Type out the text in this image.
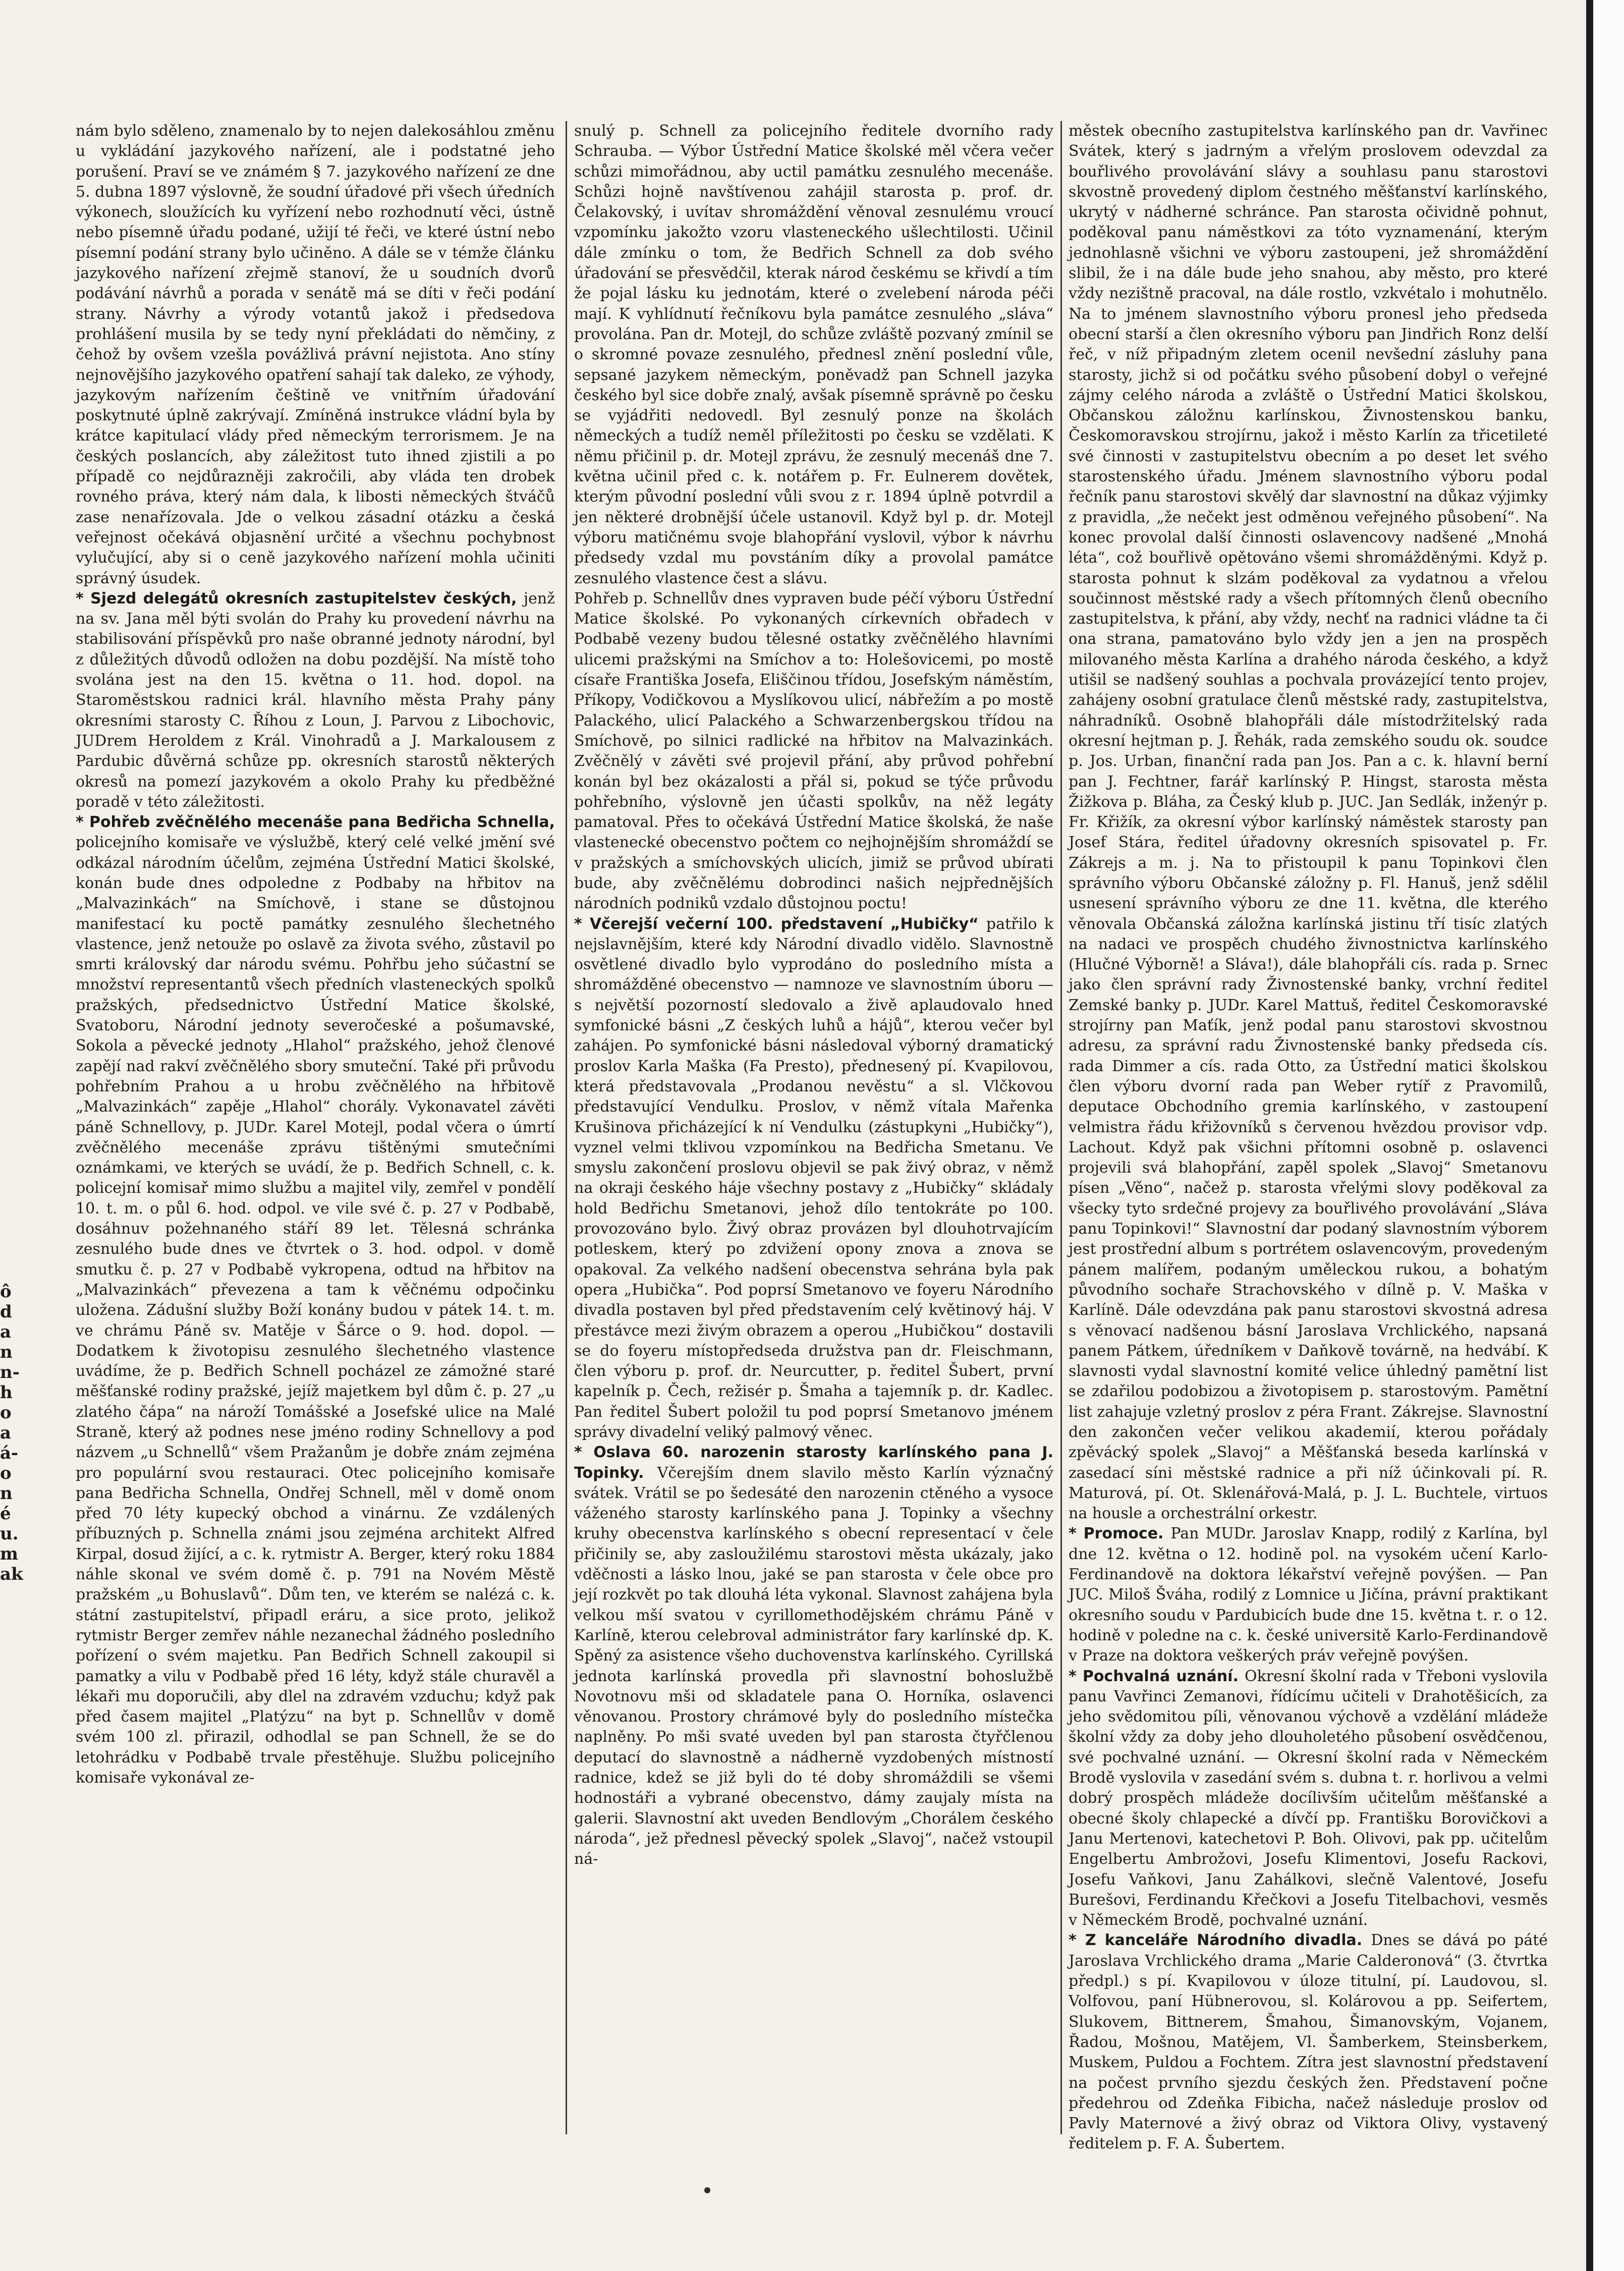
ô
d
a
n
n-
h
o
a
á-
o
n
é
u.
m
ak

nám bylo sděleno, znamenalo by to nejen dalekosáhlou změnu u vykládání jazykového nařízení, ale i podstatné jeho porušení. Praví se ve známém § 7. jazykového nařízení ze dne 5. dubna 1897 výslovně, že soudní úřadové při všech úředních výkonech, sloužících ku vyřízení nebo rozhodnutí věci, ústně nebo písemně úřadu podané, užijí té řeči, ve které ústní nebo písemní podání strany bylo učiněno. A dále se v témže článku jazykového nařízení zřejmě stanoví, že u soudních dvorů podávání návrhů a porada v senátě má se díti v řeči podání strany. Návrhy a výrody votantů jakož i předsedova prohlášení musila by se tedy nyní překládati do němčiny, z čehož by ovšem vzešla povážlivá právní nejistota. Ano stíny nejnovějšího jazykového opatření sahají tak daleko, ze výhody, jazykovým nařízením češtině ve vnitřním úřadování poskytnuté úplně zakrývají. Zmíněná instrukce vládní byla by krátce kapitulací vlády před německým terrorismem. Je na českých poslancích, aby záležitost tuto ihned zjistili a po případě co nejdůrazněji zakročili, aby vláda ten drobek rovného práva, který nám dala, k libosti německých štváčů zase nenařízovala. Jde o velkou zásadní otázku a česká veřejnost očekává objasnění určité a všechnu pochybnost vylučující, aby si o ceně jazykového nařízení mohla učiniti správný úsudek.

* Sjezd delegátů okresních zastupitelstev českých, jenž na sv. Jana měl býti svolán do Prahy ku provedení návrhu na stabilisování příspěvků pro naše obranné jednoty národní, byl z důležitých důvodů odložen na dobu pozdější. Na místě toho svolána jest na den 15. května o 11. hod. dopol. na Staroměstskou radnici král. hlavního města Prahy pány okresními starosty C. Říhou z Loun, J. Parvou z Libochovic, JUDrem Heroldem z Král. Vinohradů a J. Markalousem z Pardubic důvěrná schůze pp. okresních starostů některých okresů na pomezí jazykovém a okolo Prahy ku předběžné poradě v této záležitosti.

* Pohřeb zvěčnělého mecenáše pana Bedřicha Schnella, policejního komisaře ve výslužbě, který celé velké jmění své odkázal národním účelům, zejména Ústřední Matici školské, konán bude dnes odpoledne z Podbaby na hřbitov na „Malvazinkách“ na Smíchově, i stane se důstojnou manifestací ku poctě památky zesnulého šlechetného vlastence, jenž netouže po oslavě za života svého, zůstavil po smrti královský dar národu svému. Pohřbu jeho súčastní se množství representantů všech předních vlasteneckých spolků pražských, předsednictvo Ústřední Matice školské, Svatoboru, Národní jednoty severočeské a pošumavské, Sokola a pěvecké jednoty „Hlahol“ pražského, jehož členové zapějí nad rakví zvěčnělého sbory smuteční. Také při průvodu pohřebním Prahou a u hrobu zvěčnělého na hřbitově „Malvazinkách“ zapěje „Hlahol“ chorály. Vykonavatel závěti páně Schnellovy, p. JUDr. Karel Motejl, podal včera o úmrtí zvěčnělého mecenáše zprávu tištěnými smutečními oznámkami, ve kterých se uvádí, že p. Bedřich Schnell, c. k. policejní komisař mimo službu a majitel vily, zemřel v pondělí 10. t. m. o půl 6. hod. odpol. ve vile své č. p. 27 v Podbabě, dosáhnuv požehnaného stáří 89 let. Tělesná schránka zesnulého bude dnes ve čtvrtek o 3. hod. odpol. v domě smutku č. p. 27 v Podbabě vykropena, odtud na hřbitov na „Malvazinkách“ převezena a tam k věčnému odpočinku uložena. Zádušní služby Boží konány budou v pátek 14. t. m. ve chrámu Páně sv. Matěje v Šárce o 9. hod. dopol. — Dodatkem k životopisu zesnulého šlechetného vlastence uvádíme, že p. Bedřich Schnell pocházel ze zámožné staré měšťanské rodiny pražské, jejíž majetkem byl dům č. p. 27 „u zlatého čápa“ na nároží Tomášské a Josefské ulice na Malé Straně, který až podnes nese jméno rodiny Schnellovy a pod názvem „u Schnellů“ všem Pražanům je dobře znám zejména pro populární svou restauraci. Otec policejního komisaře pana Bedřicha Schnella, Ondřej Schnell, měl v domě onom před 70 léty kupecký obchod a vinárnu. Ze vzdálených příbuzných p. Schnella známi jsou zejména architekt Alfred Kirpal, dosud žijící, a c. k. rytmistr A. Berger, který roku 1884 náhle skonal ve svém domě č. p. 791 na Novém Městě pražském „u Bohuslavů“. Dům ten, ve kterém se nalézá c. k. státní zastupitelství, připadl eráru, a sice proto, jelikož rytmistr Berger zemřev náhle nezanechal žádného posledního pořízení o svém majetku. Pan Bedřich Schnell zakoupil si pamatky a vilu v Podbabě před 16 léty, když stále churavěl a lékaři mu doporučili, aby dlel na zdravém vzduchu; když pak před časem majitel „Platýzu“ na byt p. Schnellův v domě svém 100 zl. přirazil, odhodlal se pan Schnell, že se do letohrádku v Podbabě trvale přestěhuje. Službu policejního komisaře vykonával ze-

snulý p. Schnell za policejního ředitele dvorního rady Schrauba. — Výbor Ústřední Matice školské měl včera večer schůzi mimořádnou, aby uctil památku zesnulého mecenáše. Schůzi hojně navštívenou zahájil starosta p. prof. dr. Čelakovský, i uvítav shromáždění věnoval zesnulému vroucí vzpomínku jakožto vzoru vlasteneckého ušlechtilosti. Učinil dále zmínku o tom, že Bedřich Schnell za dob svého úřadování se přesvědčil, kterak národ českému se křivdí a tím že pojal lásku ku jednotám, které o zvelebení národa péči mají. K vyhlídnutí řečníkovu byla památce zesnulého „sláva“ provolána. Pan dr. Motejl, do schůze zvláště pozvaný zmínil se o skromné povaze zesnulého, přednesl znění poslední vůle, sepsané jazykem německým, poněvadž pan Schnell jazyka českého byl sice dobře znalý, avšak písemně správně po česku se vyjádřiti nedovedl. Byl zesnulý ponze na školách německých a tudíž neměl příležitosti po česku se vzdělati. K němu přičinil p. dr. Motejl zprávu, že zesnulý mecenáš dne 7. května učinil před c. k. notářem p. Fr. Eulnerem dovětek, kterým původní poslední vůli svou z r. 1894 úplně potvrdil a jen některé drobnější účele ustanovil. Když byl p. dr. Motejl výboru matičnému svoje blahopřání vyslovil, výbor k návrhu předsedy vzdal mu povstáním díky a provolal památce zesnulého vlastence čest a slávu.

Pohřeb p. Schnellův dnes vypraven bude péčí výboru Ústřední Matice školské. Po vykonaných církevních obřadech v Podbabě vezeny budou tělesné ostatky zvěčnělého hlavními ulicemi pražskými na Smíchov a to: Holešovicemi, po mostě císaře Františka Josefa, Eliščinou třídou, Josefským náměstím, Příkopy, Vodičkovou a Myslíkovou ulicí, nábřežím a po mostě Palackého, ulicí Palackého a Schwarzenbergskou třídou na Smíchově, po silnici radlické na hřbitov na Malvazinkách. Zvěčnělý v závěti své projevil přání, aby průvod pohřební konán byl bez okázalosti a přál si, pokud se týče průvodu pohřebního, výslovně jen účasti spolkův, na něž legáty pamatoval. Přes to očekává Ústřední Matice školská, že naše vlastenecké obecenstvo počtem co nejhojnějším shromáždí se v pražských a smíchovských ulicích, jimiž se průvod ubírati bude, aby zvěčnělému dobrodinci našich nejpřednějších národních podniků vzdalo důstojnou poctu!

* Včerejší večerní 100. představení „Hubičky“ patřilo k nejslavnějším, které kdy Národní divadlo vidělo. Slavnostně osvětlené divadlo bylo vyprodáno do posledního místa a shromážděné obecenstvo — namnoze ve slavnostním úboru — s největší pozorností sledovalo a živě aplaudovalo hned symfonické básni „Z českých luhů a hájů“, kterou večer byl zahájen. Po symfonické básni následoval výborný dramatický proslov Karla Maška (Fa Presto), přednesený pí. Kvapilovou, která představovala „Prodanou nevěstu“ a sl. Vlčkovou představující Vendulku. Proslov, v němž vítala Mařenka Krušinova přicházející k ní Vendulku (zástupkyni „Hubičky“), vyznel velmi tklivou vzpomínkou na Bedřicha Smetanu. Ve smyslu zakončení proslovu objevil se pak živý obraz, v němž na okraji českého háje všechny postavy z „Hubičky“ skládaly hold Bedřichu Smetanovi, jehož dílo tentokráte po 100. provozováno bylo. Živý obraz provázen byl dlouhotrvajícím potleskem, který po zdvižení opony znova a znova se opakoval. Za velkého nadšení obecenstva sehrána byla pak opera „Hubička“. Pod poprsí Smetanovo ve foyeru Národního divadla postaven byl před představením celý květinový háj. V přestávce mezi živým obrazem a operou „Hubičkou“ dostavili se do foyeru místopředseda družstva pan dr. Fleischmann, člen výboru p. prof. dr. Neurcutter, p. ředitel Šubert, první kapelník p. Čech, režisér p. Šmaha a tajemník p. dr. Kadlec. Pan ředitel Šubert položil tu pod poprsí Smetanovo jménem správy divadelní veliký palmový věnec.

* Oslava 60. narozenin starosty karlínského pana J. Topinky. Včerejším dnem slavilo město Karlín význačný svátek. Vrátil se po šedesáté den narozenin ctěného a vysoce váženého starosty karlínského pana J. Topinky a všechny kruhy obecenstva karlínského s obecní representací v čele přičinily se, aby zasloužilému starostovi města ukázaly, jako vděčnosti a lásko lnou, jaké se pan starosta v čele obce pro její rozkvět po tak dlouhá léta vykonal. Slavnost zahájena byla velkou mší svatou v cyrillomethodějském chrámu Páně v Karlíně, kterou celebroval administrátor fary karlínské dp. K. Spěný za asistence všeho duchovenstva karlínského. Cyrillská jednota karlínská provedla při slavnostní bohoslužbě Novotnovu mši od skladatele pana O. Horníka, oslavenci věnovanou. Prostory chrámové byly do posledního místečka naplněny. Po mši svaté uveden byl pan starosta čtyřčlenou deputací do slavnostně a nádherně vyzdobených místností radnice, kdež se již byli do té doby shromáždili se všemi hodnostáři a vybrané obecenstvo, dámy zaujaly místa na galerii. Slavnostní akt uveden Bendlovým „Chorálem českého národa“, jež přednesl pěvecký spolek „Slavoj“, načež vstoupil ná-

městek obecního zastupitelstva karlínského pan dr. Vavřinec Svátek, který s jadrným a vřelým proslovem odevzdal za bouřlivého provolávání slávy a souhlasu panu starostovi skvostně provedený diplom čestného měšťanství karlínského, ukrytý v nádherné schránce. Pan starosta očividně pohnut, poděkoval panu náměstkovi za tóto vyznamenání, kterým jednohlasně všichni ve výboru zastoupeni, jež shromáždění slibil, že i na dále bude jeho snahou, aby město, pro které vždy nezištně pracoval, na dále rostlo, vzkvétalo i mohutnělo. Na to jménem slavnostního výboru pronesl jeho předseda obecní starší a člen okresního výboru pan Jindřich Ronz delší řeč, v níž připadným zletem ocenil nevšední zásluhy pana starosty, jichž si od počátku svého působení dobyl o veřejné zájmy celého národa a zvláště o Ústřední Matici školskou, Občanskou záložnu karlínskou, Živnostenskou banku, Českomoravskou strojírnu, jakož i město Karlín za třicetileté své činnosti v zastupitelstvu obecním a po deset let svého starostenského úřadu. Jménem slavnostního výboru podal řečník panu starostovi skvělý dar slavnostní na důkaz výjimky z pravidla, „že nečekt jest odměnou veřejného působení“. Na konec provolal další činnosti oslavencovy nadšené „Mnohá léta“, což bouřlivě opětováno všemi shromážděnými. Když p. starosta pohnut k slzám poděkoval za vydatnou a vřelou součinnost městské rady a všech přítomných členů obecního zastupitelstva, k přání, aby vždy, nechť na radnici vládne ta či ona strana, pamatováno bylo vždy jen a jen na prospěch milovaného města Karlína a drahého národa českého, a když utišil se nadšený souhlas a pochvala provázející tento projev, zahájeny osobní gratulace členů městské rady, zastupitelstva, náhradníků. Osobně blahopřáli dále místodržitelský rada okresní hejtman p. J. Řehák, rada zemského soudu ok. soudce p. Jos. Urban, finanční rada pan Jos. Pan a c. k. hlavní berní pan J. Fechtner, farář karlínský P. Hingst, starosta města Žižkova p. Bláha, za Český klub p. JUC. Jan Sedlák, inženýr p. Fr. Křižík, za okresní výbor karlínský náměstek starosty pan Josef Stára, ředitel úřadovny okresních spisovatel p. Fr. Zákrejs a m. j. Na to přistoupil k panu Topinkovi člen správního výboru Občanské záložny p. Fl. Hanuš, jenž sdělil usnesení správního výboru ze dne 11. května, dle kterého věnovala Občanská záložna karlínská jistinu tří tisíc zlatých na nadaci ve prospěch chudého živnostnictva karlínského (Hlučné Výborně! a Sláva!), dále blahopřáli cís. rada p. Srnec jako člen správní rady Živnostenské banky, vrchní ředitel Zemské banky p. JUDr. Karel Mattuš, ředitel Českomoravské strojírny pan Maťík, jenž podal panu starostovi skvostnou adresu, za správní radu Živnostenské banky předseda cís. rada Dimmer a cís. rada Otto, za Ústřední matici školskou člen výboru dvorní rada pan Weber rytíř z Pravomilů, deputace Obchodního gremia karlínského, v zastoupení velmistra řádu křižovníků s červenou hvězdou provisor vdp. Lachout. Když pak všichni přítomni osobně p. oslavenci projevili svá blahopřání, zapěl spolek „Slavoj“ Smetanovu písen „Věno“, načež p. starosta vřelými slovy poděkoval za všecky tyto srdečné projevy za bouřlivého provolávání „Sláva panu Topinkovi!“ Slavnostní dar podaný slavnostním výborem jest prostřední album s portrétem oslavencovým, provedeným pánem malířem, podaným uměleckou rukou, a bohatým původního sochaře Strachovského v dílně p. V. Maška v Karlíně. Dále odevzdána pak panu starostovi skvostná adresa s věnovací nadšenou básní Jaroslava Vrchlického, napsaná panem Pátkem, úředníkem v Daňkově továrně, na hedvábí. K slavnosti vydal slavnostní komité velice úhledný pamětní list se zdařilou podobizou a životopisem p. starostovým. Pamětní list zahajuje vzletný proslov z péra Frant. Zákrejse. Slavnostní den zakončen večer velikou akademií, kterou pořádaly zpěvácký spolek „Slavoj“ a Měšťanská beseda karlínská v zasedací síni městské radnice a při níž účinkovali pí. R. Maturová, pí. Ot. Sklenářová-Malá, p. J. L. Buchtele, virtuos na housle a orchestrální orkestr.

* Promoce. Pan MUDr. Jaroslav Knapp, rodilý z Karlína, byl dne 12. května o 12. hodině pol. na vysokém učení Karlo-Ferdinandově na doktora lékařství veřejně povýšen. — Pan JUC. Miloš Šváha, rodilý z Lomnice u Jičína, právní praktikant okresního soudu v Pardubicích bude dne 15. května t. r. o 12. hodině v poledne na c. k. české universitě Karlo-Ferdinandově v Praze na doktora veškerých práv veřejně povýšen.

* Pochvalná uznání. Okresní školní rada v Třeboni vyslovila panu Vavřinci Zemanovi, řídícímu učiteli v Drahotěšicích, za jeho svědomitou píli, věnovanou výchově a vzdělání mládeže školní vždy za doby jeho dlouholetého působení osvědčenou, své pochvalné uznání. — Okresní školní rada v Německém Brodě vyslovila v zasedání svém s. dubna t. r. horlivou a velmi dobrý prospěch mládeže docílivším učitelům měšťanské a obecné školy chlapecké a dívčí pp. Františku Borovičkovi a Janu Mertenovi, katechetovi P. Boh. Olivovi, pak pp. učitelům Engelbertu Ambrožovi, Josefu Klimentovi, Josefu Rackovi, Josefu Vaňkovi, Janu Zahálkovi, slečně Valentové, Josefu Burešovi, Ferdinandu Křečkovi a Josefu Titelbachovi, vesměs v Německém Brodě, pochvalné uznání.

* Z kanceláře Národního divadla. Dnes se dává po páté Jaroslava Vrchlického drama „Marie Calderonová“ (3. čtvrtka předpl.) s pí. Kvapilovou v úloze titulní, pí. Laudovou, sl. Volfovou, paní Hübnerovou, sl. Kolárovou a pp. Seifertem, Slukovem, Bittnerem, Šmahou, Šimanovským, Vojanem, Řadou, Mošnou, Matějem, Vl. Šamberkem, Steinsberkem, Muskem, Puldou a Fochtem. Zítra jest slavnostní představení na počest prvního sjezdu českých žen. Představení počne předehrou od Zdeňka Fibicha, načež následuje proslov od Pavly Maternové a živý obraz od Viktora Olivy, vystavený ředitelem p. F. A. Šubertem.
